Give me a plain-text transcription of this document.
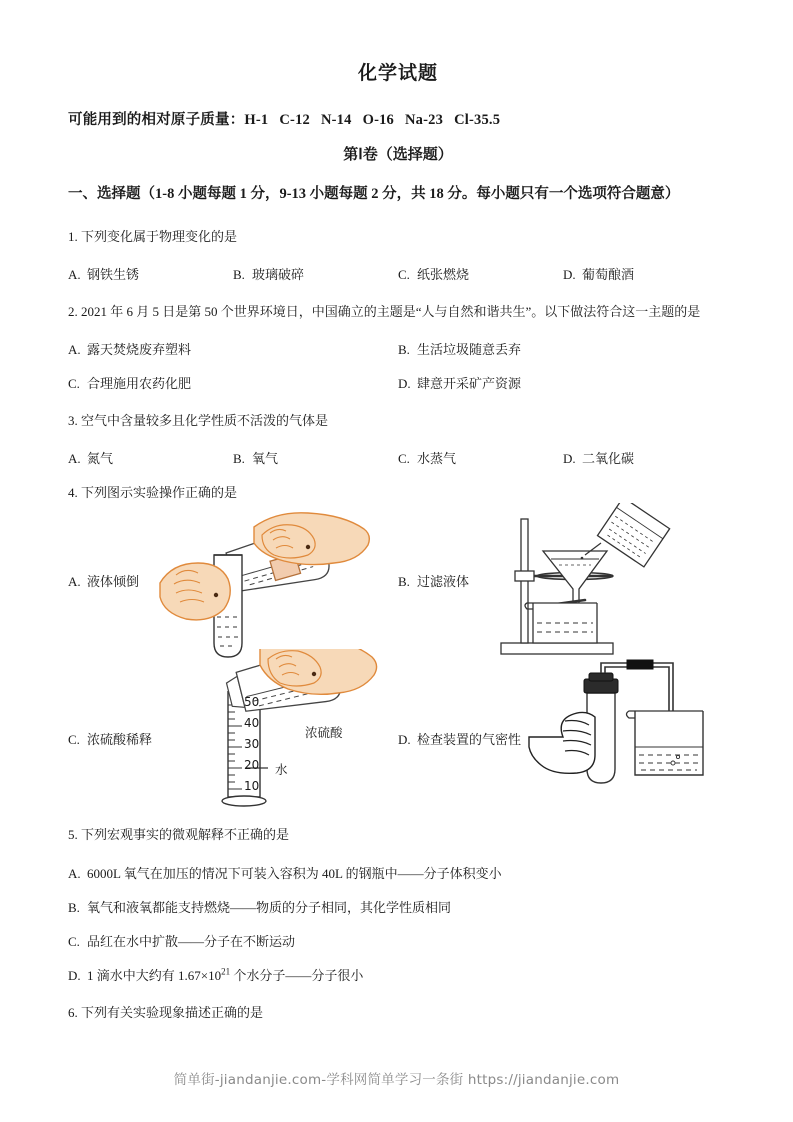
化学试题
可能用到的相对原子质量：H-1 C-12 N-14 O-16 Na-23 Cl-35.5
第Ⅰ卷（选择题）
一、选择题（1-8 小题每题 1 分，9-13 小题每题 2 分，共 18 分。每小题只有一个选项符合题意）
1. 下列变化属于物理变化的是
A. 钢铁生锈	B. 玻璃破碎	C. 纸张燃烧	D. 葡萄酿酒
2. 2021 年 6 月 5 日是第 50 个世界环境日，中国确立的主题是“人与自然和谐共生”。以下做法符合这一主题的是
A. 露天焚烧废弃塑料	B. 生活垃圾随意丢弃
C. 合理施用农药化肥	D. 肆意开采矿产资源
3. 空气中含量较多且化学性质不活泼的气体是
A. 氮气	B. 氧气	C. 水蒸气	D. 二氧化碳
4. 下列图示实验操作正确的是
A. 液体倾倒	B. 过滤液体
C. 浓硫酸稀释
50
40
30
20
10
浓硫酸
水
D. 检查装置的气密性
5. 下列宏观事实的微观解释不正确的是
A. 6000L 氧气在加压的情况下可装入容积为 40L 的钢瓶中——分子体积变小
B. 氧气和液氧都能支持燃烧——物质的分子相同，其化学性质相同
C. 品红在水中扩散——分子在不断运动
D. 1 滴水中大约有 $1.67\times 10^{21}$ 个水分子——分子很小
6. 下列有关实验现象描述正确的是
简单街-jiandanjie.com-学科网简单学习一条街 https://jiandanjie.com
